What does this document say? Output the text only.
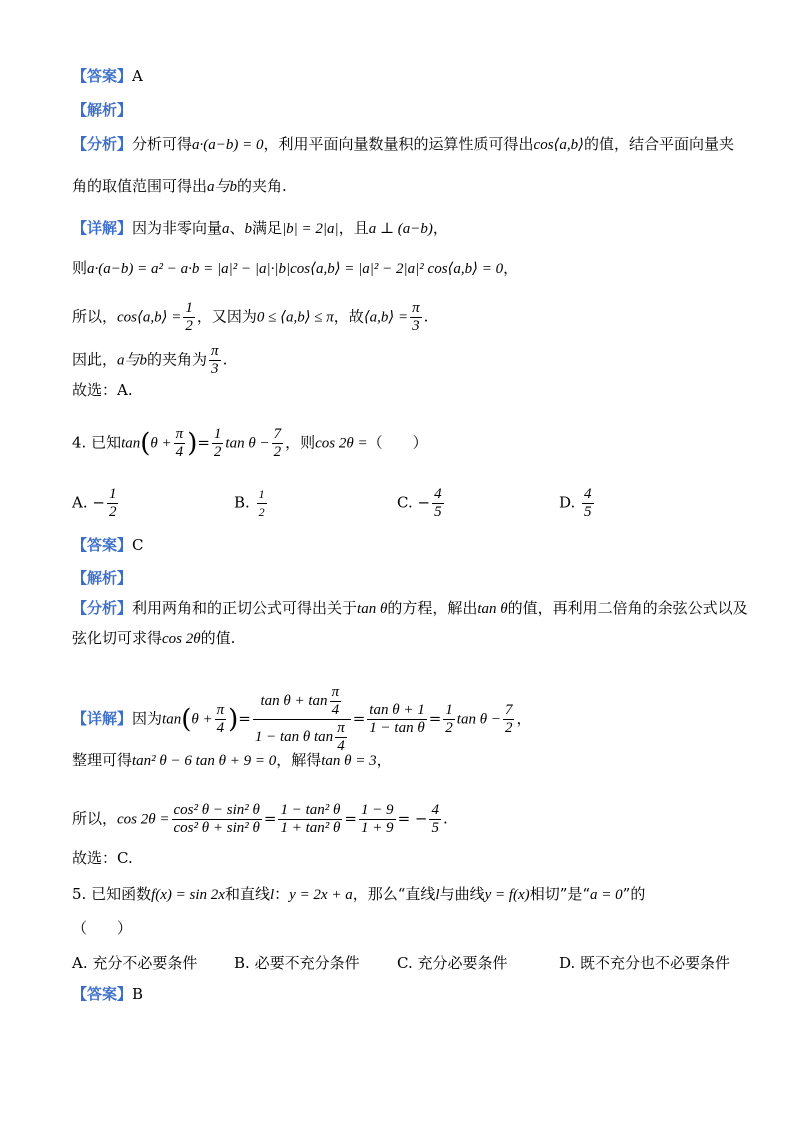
【答案】A
【解析】
【分析】分析可得a·(a−b) = 0，利用平面向量数量积的运算性质可得出cos⟨a,b⟩的值，结合平面向量夹
角的取值范围可得出a与b的夹角.
【详解】因为非零向量a、b满足|b| = 2|a|，且a ⊥ (a−b)，
则a·(a−b) = a² − a·b = |a|² − |a|·|b|cos⟨a,b⟩ = |a|² − 2|a|² cos⟨a,b⟩ = 0，
所以，cos⟨a,b⟩ = $\frac{1}{2}$ ，又因为0 ≤ ⟨a,b⟩ ≤ π，故⟨a,b⟩ = $\frac{\pi}{3}$ .
因此，a与b的夹角为 $\frac{\pi}{3}$ .
故选：A.
4. 已知$\tan(\theta + \frac{\pi}{4}$ )= $\frac{1}{2}$ $\tan \theta - \frac{7}{2}$ ，则cos 2θ =（　　）
A. − $\frac{1}{2}$	B. $\frac{1}{2}$	C. − $\frac{4}{5}$	D. $\frac{4}{5}$
【答案】C
【解析】
【分析】利用两角和的正切公式可得出关于tan θ的方程，解出tan θ的值，再利用二倍角的余弦公式以及
弦化切可求得cos 2θ的值.
【详解】因为$\tan(\theta + \frac{\pi}{4}$ )= $\frac{\tan \theta + \tan \frac{\pi}{4}}{1 - \tan \theta \tan \frac{\pi}{4}} = \frac{\text{tan θ + 1}}{\text{1 − tan θ}} = \frac{1}{2}$ $\tan \theta - \frac{7}{2}$ ，
整理可得tan² θ − 6 tan θ + 9 = 0，解得tan θ = 3，
所以，$\cos 2\theta = \frac{\text{cos² θ − sin² θ}}{\text{cos² θ + sin² θ}} = \frac{\text{1 − tan² θ}}{\text{1 + tan² θ}} = \frac{1 - 9}{1 + 9}$ = − $\frac{4}{5}$ .
故选：C.
5. 已知函数f(x) = sin 2x和直线l：y = 2x + a，那么“直线l与曲线y = f(x)相切”是“a = 0”的
（　　）
A. 充分不必要条件 B. 必要不充分条件 C. 充分必要条件	D. 既不充分也不必要条件
【答案】B
